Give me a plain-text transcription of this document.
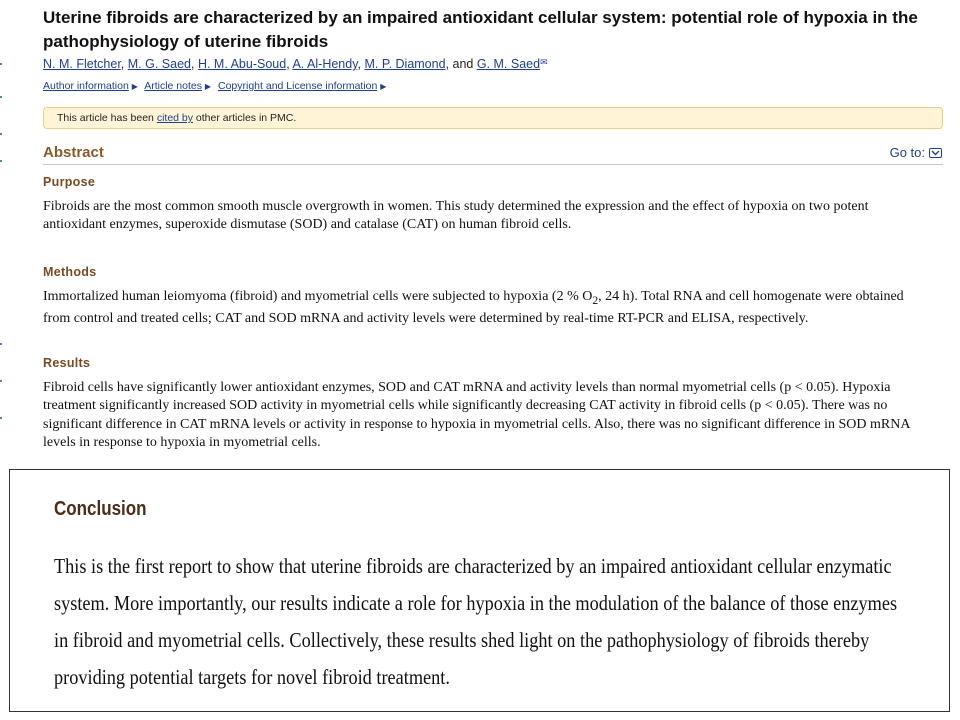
Uterine fibroids are characterized by an impaired antioxidant cellular system: potential role of hypoxia in the pathophysiology of uterine fibroids
N. M. Fletcher, M. G. Saed, H. M. Abu-Soud, A. Al-Hendy, M. P. Diamond, and G. M. Saed✉
Author information ▶ Article notes ▶ Copyright and License information ▶
This article has been cited by other articles in PMC.
Abstract	Go to:
Purpose

Fibroids are the most common smooth muscle overgrowth in women. This study determined the expression and the effect of hypoxia on two potent antioxidant enzymes, superoxide dismutase (SOD) and catalase (CAT) on human fibroid cells.

Methods

Immortalized human leiomyoma (fibroid) and myometrial cells were subjected to hypoxia (2 % $O_2$, 24 h). Total RNA and cell homogenate were obtained from control and treated cells; CAT and SOD mRNA and activity levels were determined by real-time RT-PCR and ELISA, respectively.

Results

Fibroid cells have significantly lower antioxidant enzymes, SOD and CAT mRNA and activity levels than normal myometrial cells (p < 0.05). Hypoxia treatment significantly increased SOD activity in myometrial cells while significantly decreasing CAT activity in fibroid cells (p < 0.05). There was no significant difference in CAT mRNA levels or activity in response to hypoxia in myometrial cells. Also, there was no significant difference in SOD mRNA levels in response to hypoxia in myometrial cells.

Conclusion

This is the first report to show that uterine fibroids are characterized by an impaired antioxidant cellular enzymatic system. More importantly, our results indicate a role for hypoxia in the modulation of the balance of those enzymes in fibroid and myometrial cells. Collectively, these results shed light on the pathophysiology of fibroids thereby providing potential targets for novel fibroid treatment.
